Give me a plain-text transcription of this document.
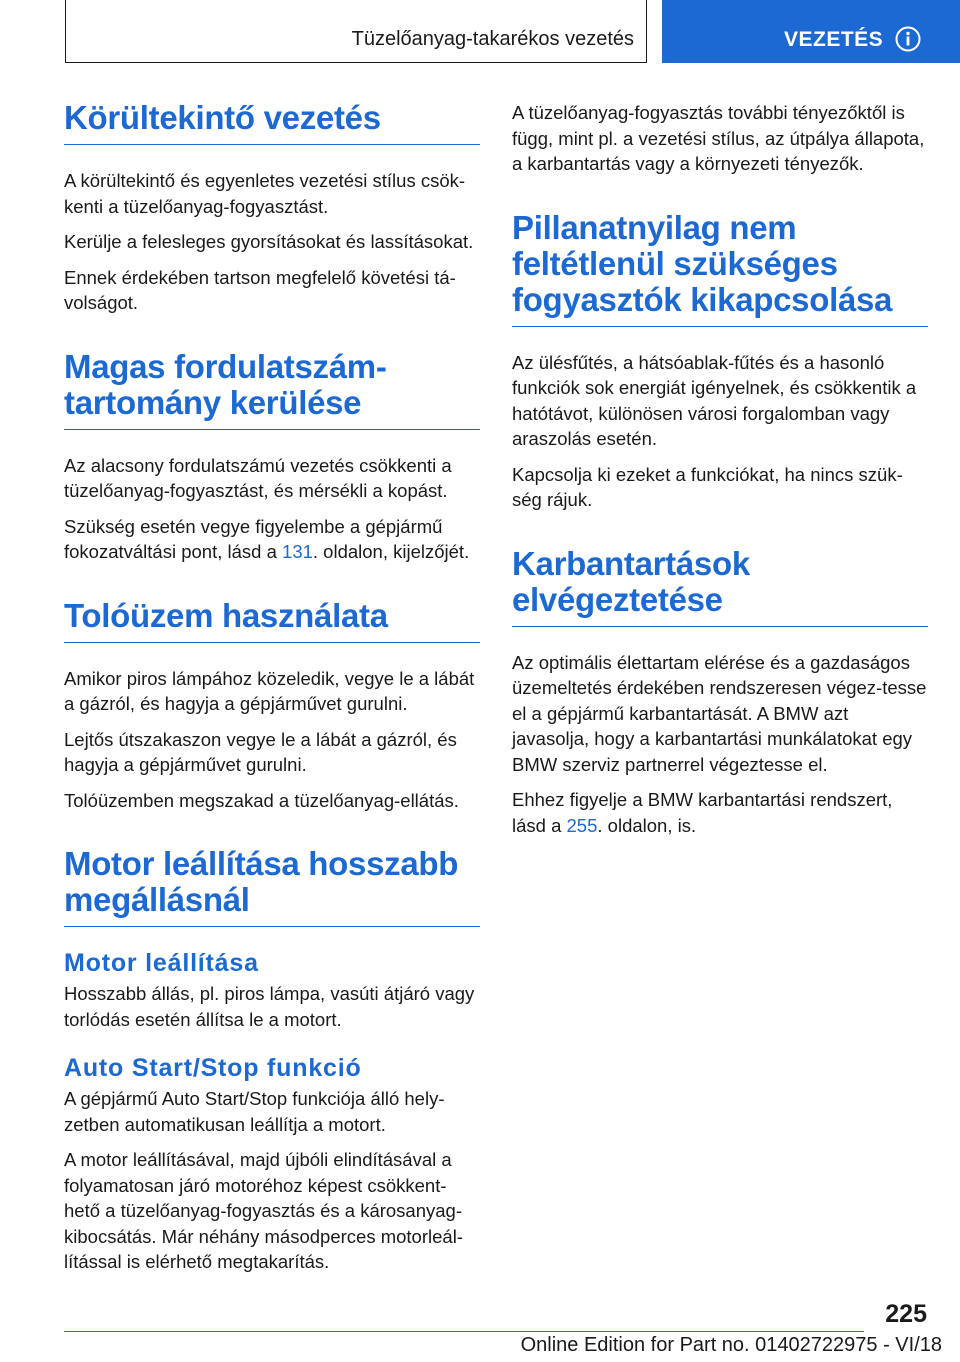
Tüzelőanyag-takarékos vezetés	VEZETÉS
Körültekintő vezetés

A körültekintő és egyenletes vezetési stílus csök-kenti a tüzelőanyag-fogyasztást.

Kerülje a felesleges gyorsításokat és lassításokat.

Ennek érdekében tartson megfelelő követési tá-volságot.

Magas fordulatszám-tartomány kerülése

Az alacsony fordulatszámú vezetés csökkenti a tüzelőanyag-fogyasztást, és mérsékli a kopást.

Szükség esetén vegye figyelembe a gépjármű fokozatváltási pont, lásd a 131. oldalon, kijelzőjét.

Tolóüzem használata

Amikor piros lámpához közeledik, vegye le a lábát a gázról, és hagyja a gépjárművet gurulni.

Lejtős útszakaszon vegye le a lábát a gázról, és hagyja a gépjárművet gurulni.

Tolóüzemben megszakad a tüzelőanyag-ellátás.

Motor leállítása hosszabb megállásnál
Motor leállítása

Hosszabb állás, pl. piros lámpa, vasúti átjáró vagy torlódás esetén állítsa le a motort.

Auto Start/Stop funkció

A gépjármű Auto Start/Stop funkciója álló hely-zetben automatikusan leállítja a motort.

A motor leállításával, majd újbóli elindításával a folyamatosan járó motoréhoz képest csökkent-hető a tüzelőanyag-fogyasztás és a károsanyag-kibocsátás. Már néhány másodperces motorleál-lítással is elérhető megtakarítás.

A tüzelőanyag-fogyasztás további tényezőktől is függ, mint pl. a vezetési stílus, az útpálya állapota, a karbantartás vagy a környezeti tényezők.

Pillanatnyilag nem feltétlenül szükséges fogyasztók kikapcsolása

Az ülésfűtés, a hátsóablak-fűtés és a hasonló funkciók sok energiát igényelnek, és csökkentik a hatótávot, különösen városi forgalomban vagy araszolás esetén.

Kapcsolja ki ezeket a funkciókat, ha nincs szük-ség rájuk.

Karbantartások elvégeztetése

Az optimális élettartam elérése és a gazdaságos üzemeltetés érdekében rendszeresen végez-tesse el a gépjármű karbantartását. A BMW azt javasolja, hogy a karbantartási munkálatokat egy BMW szerviz partnerrel végeztesse el.

Ehhez figyelje a BMW karbantartási rendszert, lásd a 255. oldalon, is.

225
Online Edition for Part no. 01402722975 - VI/18
